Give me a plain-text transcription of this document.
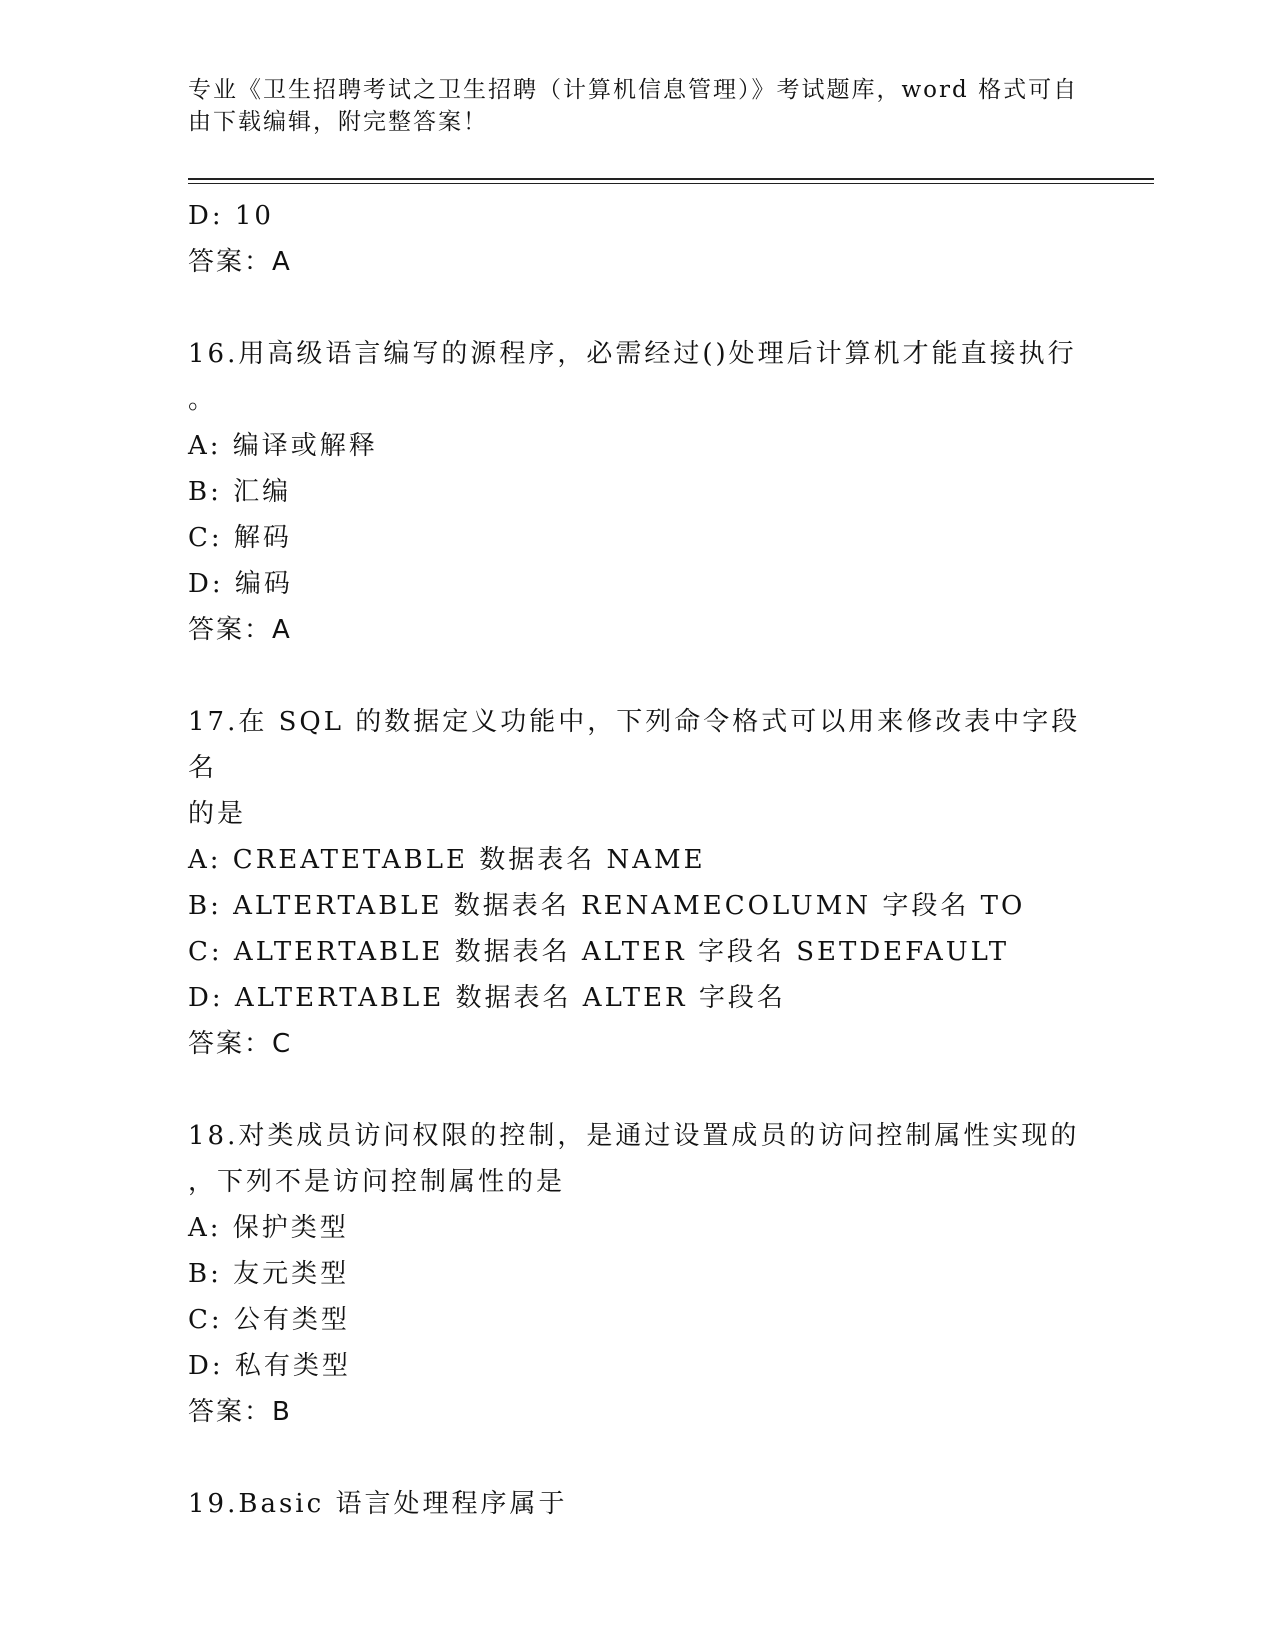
专业《卫生招聘考试之卫生招聘（计算机信息管理）》考试题库，word 格式可自
由下载编辑，附完整答案！
D: 10
答案：A
16.用高级语言编写的源程序，必需经过()处理后计算机才能直接执行
。
A: 编译或解释
B: 汇编
C: 解码
D: 编码
答案：A
17.在 SQL 的数据定义功能中，下列命令格式可以用来修改表中字段名
的是
A: CREATETABLE 数据表名 NAME
B: ALTERTABLE 数据表名 RENAMECOLUMN 字段名 TO
C: ALTERTABLE 数据表名 ALTER 字段名 SETDEFAULT
D: ALTERTABLE 数据表名 ALTER 字段名
答案：C
18.对类成员访问权限的控制，是通过设置成员的访问控制属性实现的
，下列不是访问控制属性的是
A: 保护类型
B: 友元类型
C: 公有类型
D: 私有类型
答案：B
19.Basic 语言处理程序属于
